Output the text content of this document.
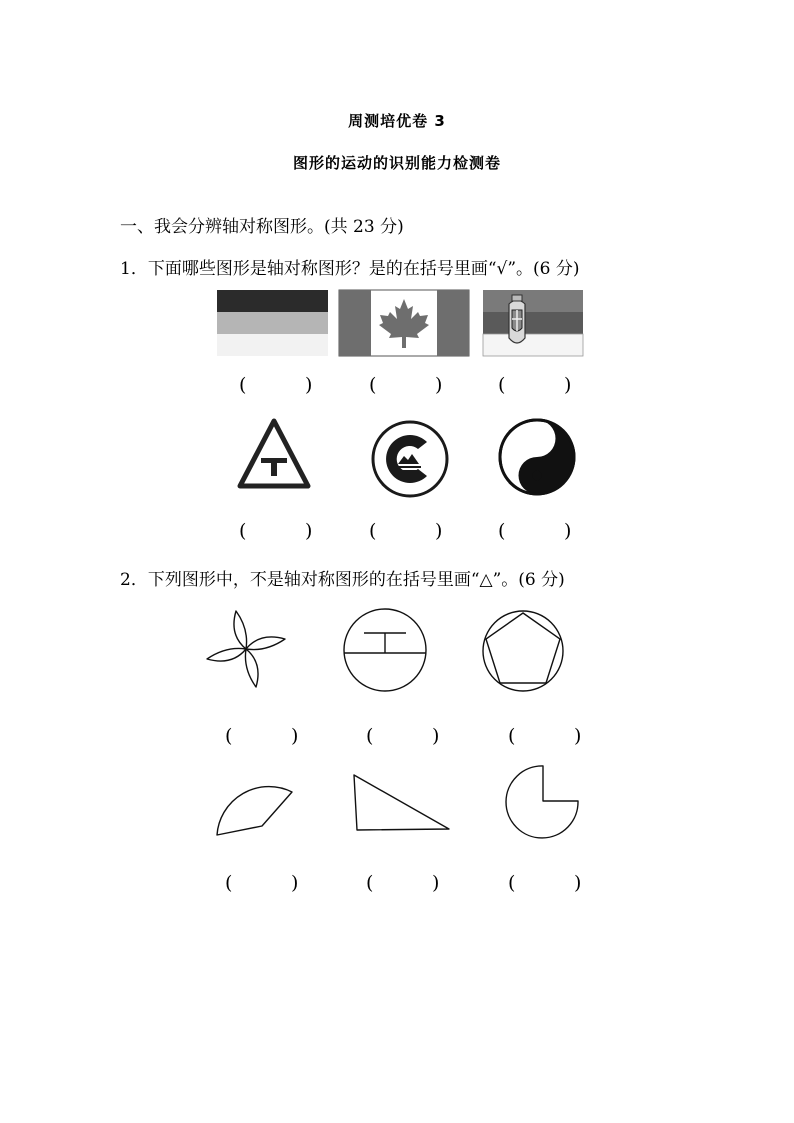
周测培优卷 3
图形的运动的识别能力检测卷
一、我会分辨轴对称图形。(共 23 分)
1．下面哪些图形是轴对称图形？是的在括号里画“√”。(6 分)
(	)	(	)	(	)
(	)	(	)	(	)
2．下列图形中，不是轴对称图形的在括号里画“△”。(6 分)
(	)	(	)	(	)
(	)	(	)	(	)
